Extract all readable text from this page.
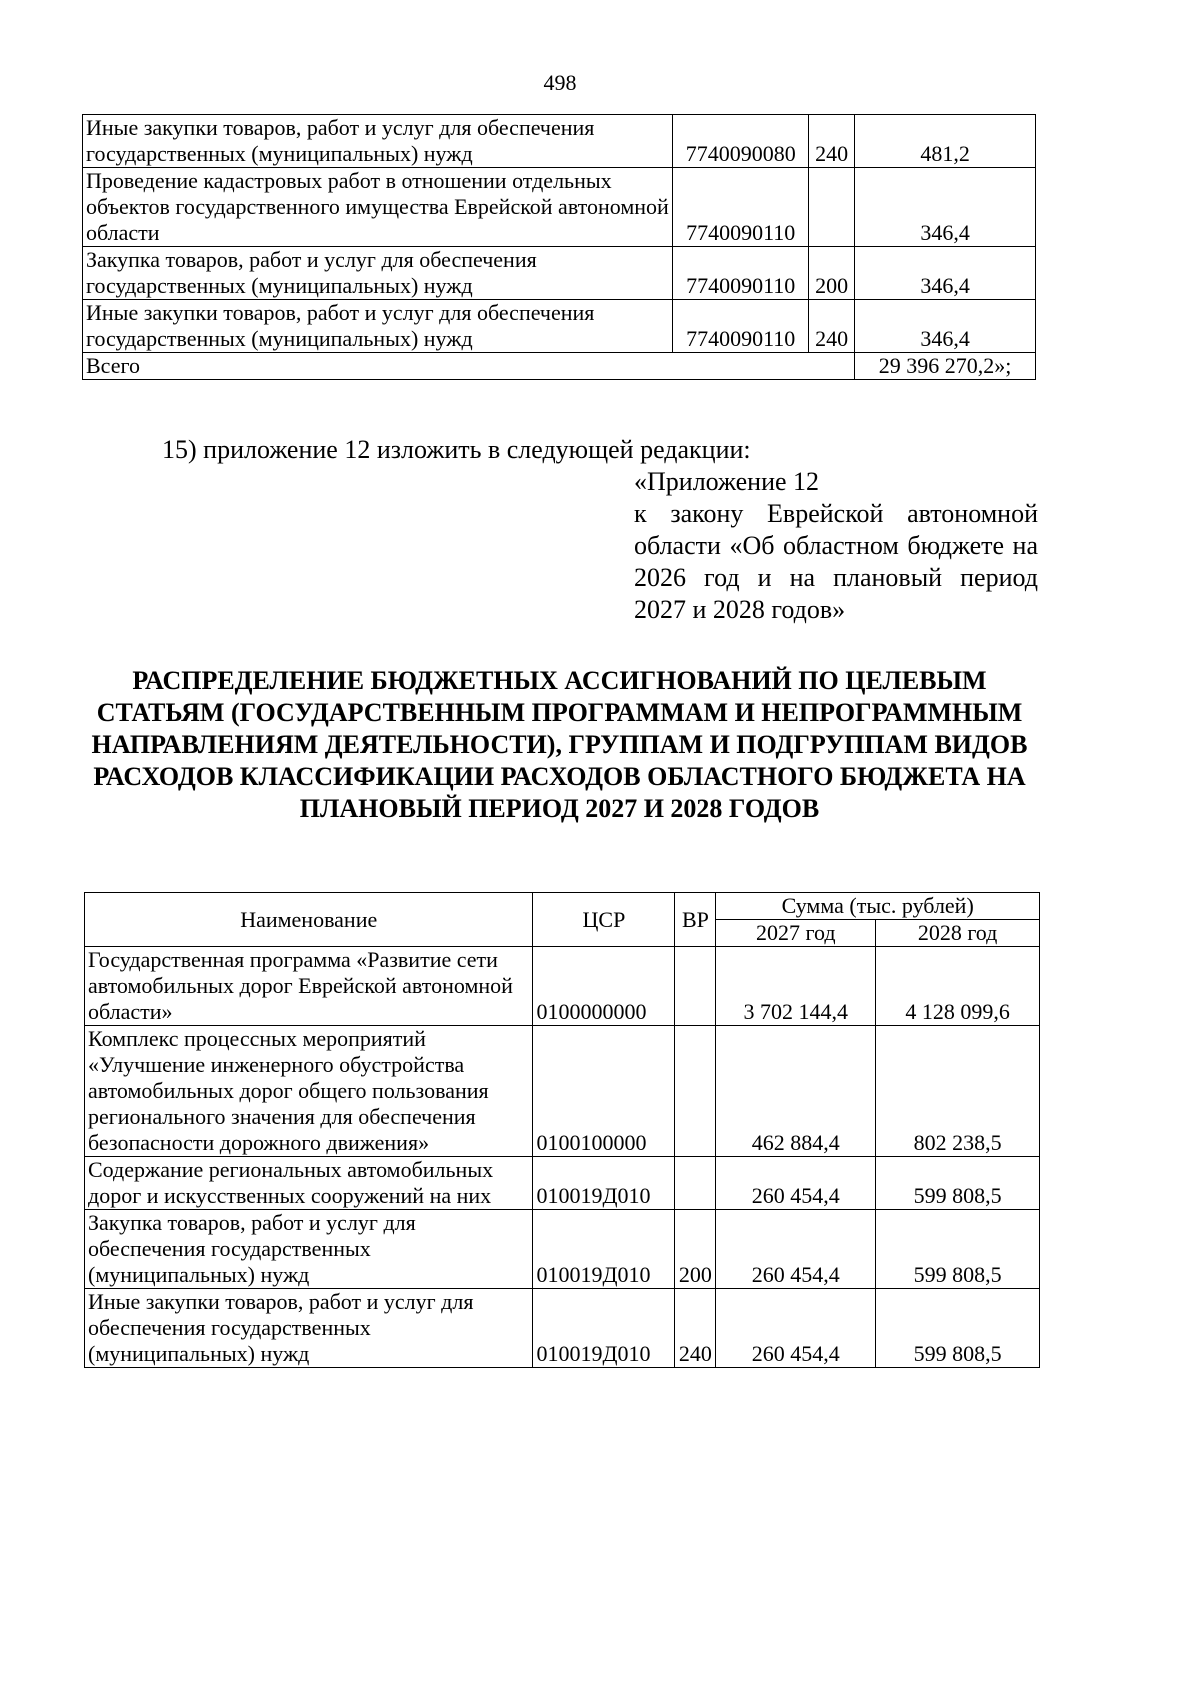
498
Иные закупки товаров, работ и услуг для обеспечения государственных (муниципальных) нужд	7740090080	240	481,2
Проведение кадастровых работ в отношении отдельных объектов государственного имущества Еврейской автономной области	7740090110		346,4
Закупка товаров, работ и услуг для обеспечения государственных (муниципальных) нужд	7740090110	200	346,4
Иные закупки товаров, работ и услуг для обеспечения государственных (муниципальных) нужд	7740090110	240	346,4
Всего			29 396 270,2»;
15) приложение 12 изложить в следующей редакции:
«Приложение 12
к закону Еврейской автономной области «Об областном бюджете на 2026 год и на плановый период 2027 и 2028 годов»
РАСПРЕДЕЛЕНИЕ БЮДЖЕТНЫХ АССИГНОВАНИЙ ПО ЦЕЛЕВЫМ СТАТЬЯМ (ГОСУДАРСТВЕННЫМ ПРОГРАММАМ И НЕПРОГРАММНЫМ НАПРАВЛЕНИЯМ ДЕЯТЕЛЬНОСТИ), ГРУППАМ И ПОДГРУППАМ ВИДОВ РАСХОДОВ КЛАССИФИКАЦИИ РАСХОДОВ ОБЛАСТНОГО БЮДЖЕТА НА ПЛАНОВЫЙ ПЕРИОД 2027 И 2028 ГОДОВ
Наименование	ЦСР	ВР	Сумма (тыс. рублей)	
			2027 год	2028 год
Государственная программа «Развитие сети автомобильных дорог Еврейской автономной области»	0100000000		3 702 144,4	4 128 099,6
Комплекс процессных мероприятий «Улучшение инженерного обустройства автомобильных дорог общего пользования регионального значения для обеспечения безопасности дорожного движения»	0100100000		462 884,4	802 238,5
Содержание региональных автомобильных дорог и искусственных сооружений на них	010019Д010		260 454,4	599 808,5
Закупка товаров, работ и услуг для обеспечения государственных (муниципальных) нужд	010019Д010	200	260 454,4	599 808,5
Иные закупки товаров, работ и услуг для обеспечения государственных (муниципальных) нужд	010019Д010	240	260 454,4	599 808,5
